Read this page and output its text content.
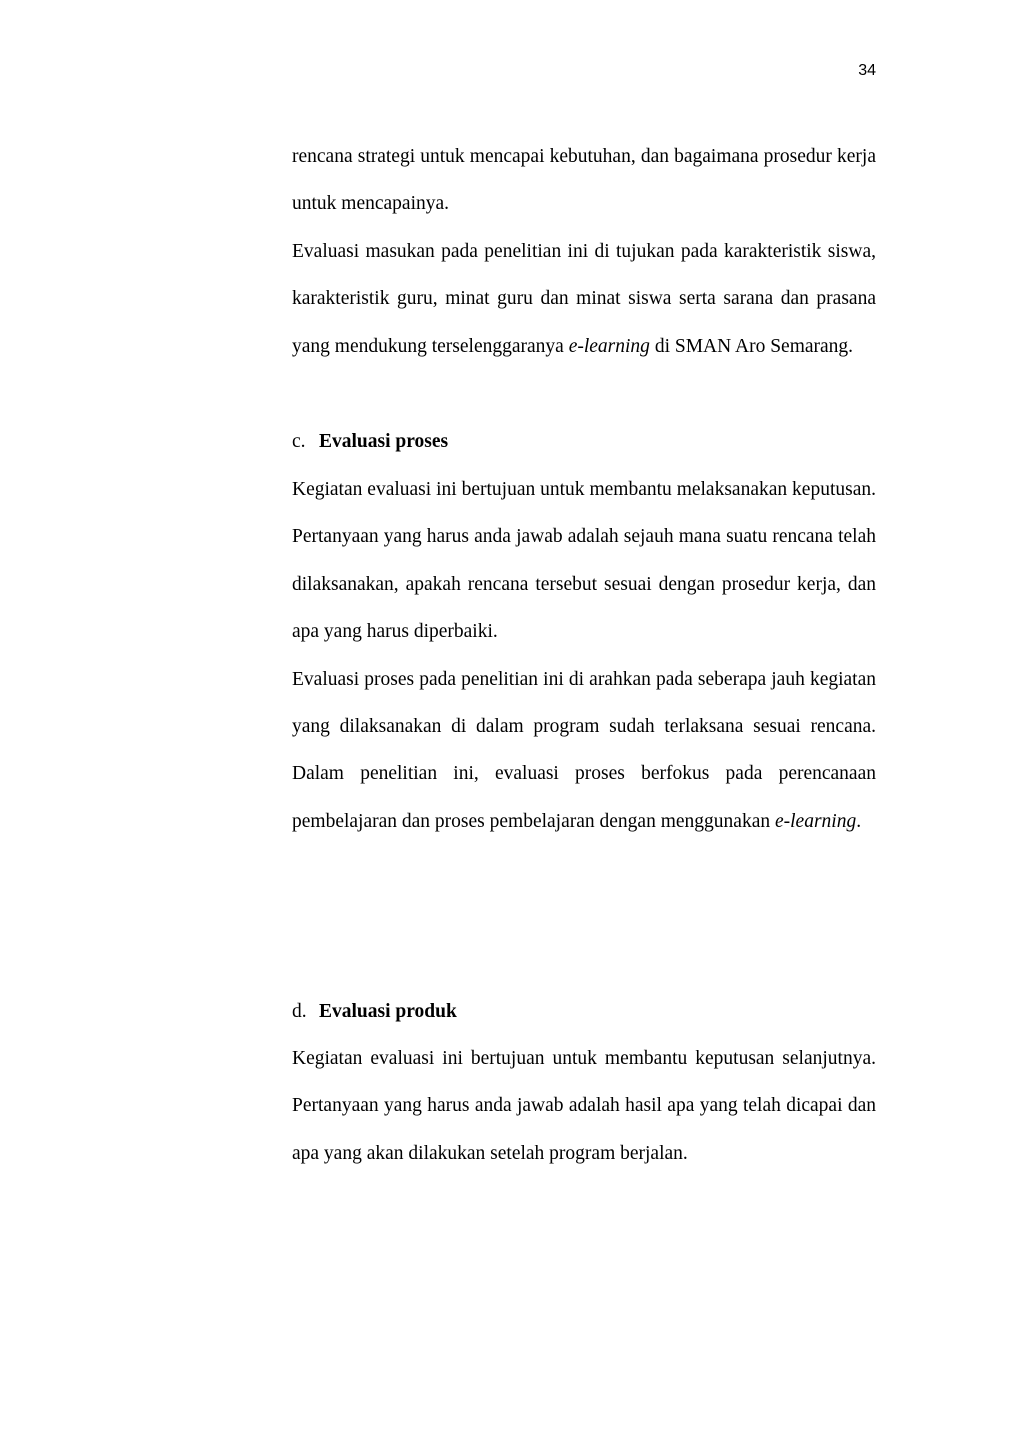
34

rencana strategi untuk mencapai kebutuhan, dan bagaimana prosedur kerja untuk mencapainya.

Evaluasi masukan pada penelitian ini di tujukan pada karakteristik siswa, karakteristik guru, minat guru dan minat siswa serta sarana dan prasana yang mendukung terselenggaranya e-learning di SMAN Aro Semarang.

c. Evaluasi proses

Kegiatan evaluasi ini bertujuan untuk membantu melaksanakan keputusan. Pertanyaan yang harus anda jawab adalah sejauh mana suatu rencana telah dilaksanakan, apakah rencana tersebut sesuai dengan prosedur kerja, dan apa yang harus diperbaiki.

Evaluasi proses pada penelitian ini di arahkan pada seberapa jauh kegiatan yang dilaksanakan di dalam program sudah terlaksana sesuai rencana. Dalam penelitian ini, evaluasi proses berfokus pada perencanaan pembelajaran dan proses pembelajaran dengan menggunakan e-learning.

d. Evaluasi produk

Kegiatan evaluasi ini bertujuan untuk membantu keputusan selanjutnya. Pertanyaan yang harus anda jawab adalah hasil apa yang telah dicapai dan apa yang akan dilakukan setelah program berjalan.
